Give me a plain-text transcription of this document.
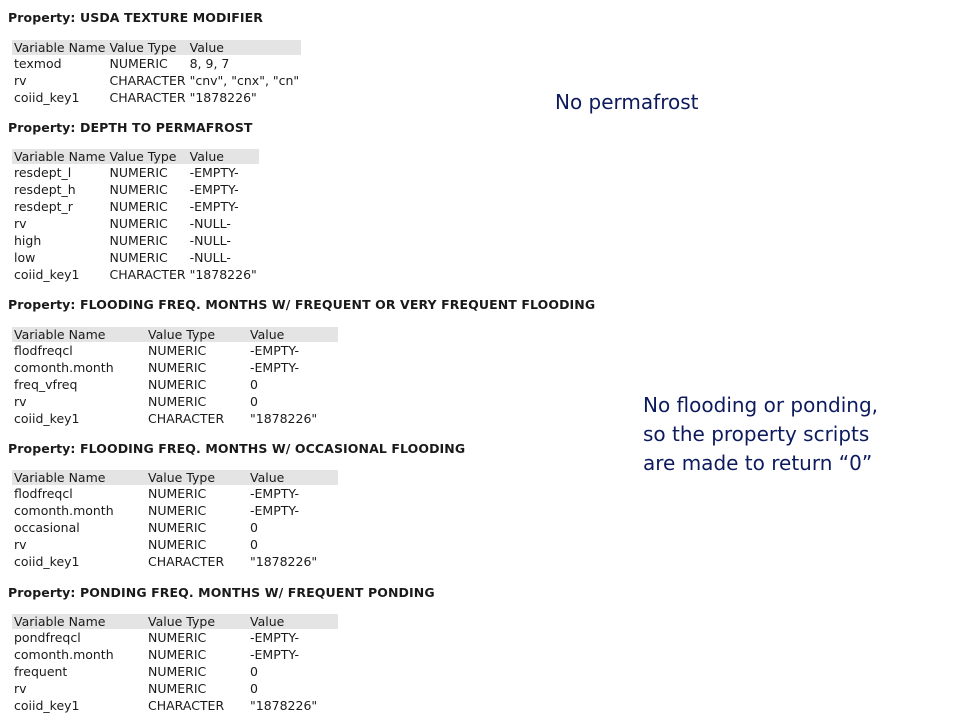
Property: USDA TEXTURE MODIFIER
Variable Name	Value Type	Value
texmod	NUMERIC	8, 9, 7
rv	CHARACTER	"cnv", "cnx", "cn"
coiid_key1	CHARACTER	"1878226"
Property: DEPTH TO PERMAFROST
Variable Name	Value Type	Value
resdept_l	NUMERIC	-EMPTY-
resdept_h	NUMERIC	-EMPTY-
resdept_r	NUMERIC	-EMPTY-
rv	NUMERIC	-NULL-
high	NUMERIC	-NULL-
low	NUMERIC	-NULL-
coiid_key1	CHARACTER	"1878226"
Property: FLOODING FREQ. MONTHS W/ FREQUENT OR VERY FREQUENT FLOODING
Variable Name	Value Type	Value
flodfreqcl	NUMERIC	-EMPTY-
comonth.month	NUMERIC	-EMPTY-
freq_vfreq	NUMERIC	0
rv	NUMERIC	0
coiid_key1	CHARACTER	"1878226"
Property: FLOODING FREQ. MONTHS W/ OCCASIONAL FLOODING
Variable Name	Value Type	Value
flodfreqcl	NUMERIC	-EMPTY-
comonth.month	NUMERIC	-EMPTY-
occasional	NUMERIC	0
rv	NUMERIC	0
coiid_key1	CHARACTER	"1878226"
Property: PONDING FREQ. MONTHS W/ FREQUENT PONDING
Variable Name	Value Type	Value
pondfreqcl	NUMERIC	-EMPTY-
comonth.month	NUMERIC	-EMPTY-
frequent	NUMERIC	0
rv	NUMERIC	0
coiid_key1	CHARACTER	"1878226"
No permafrost
No flooding or ponding, so the property scripts are made to return “0”
